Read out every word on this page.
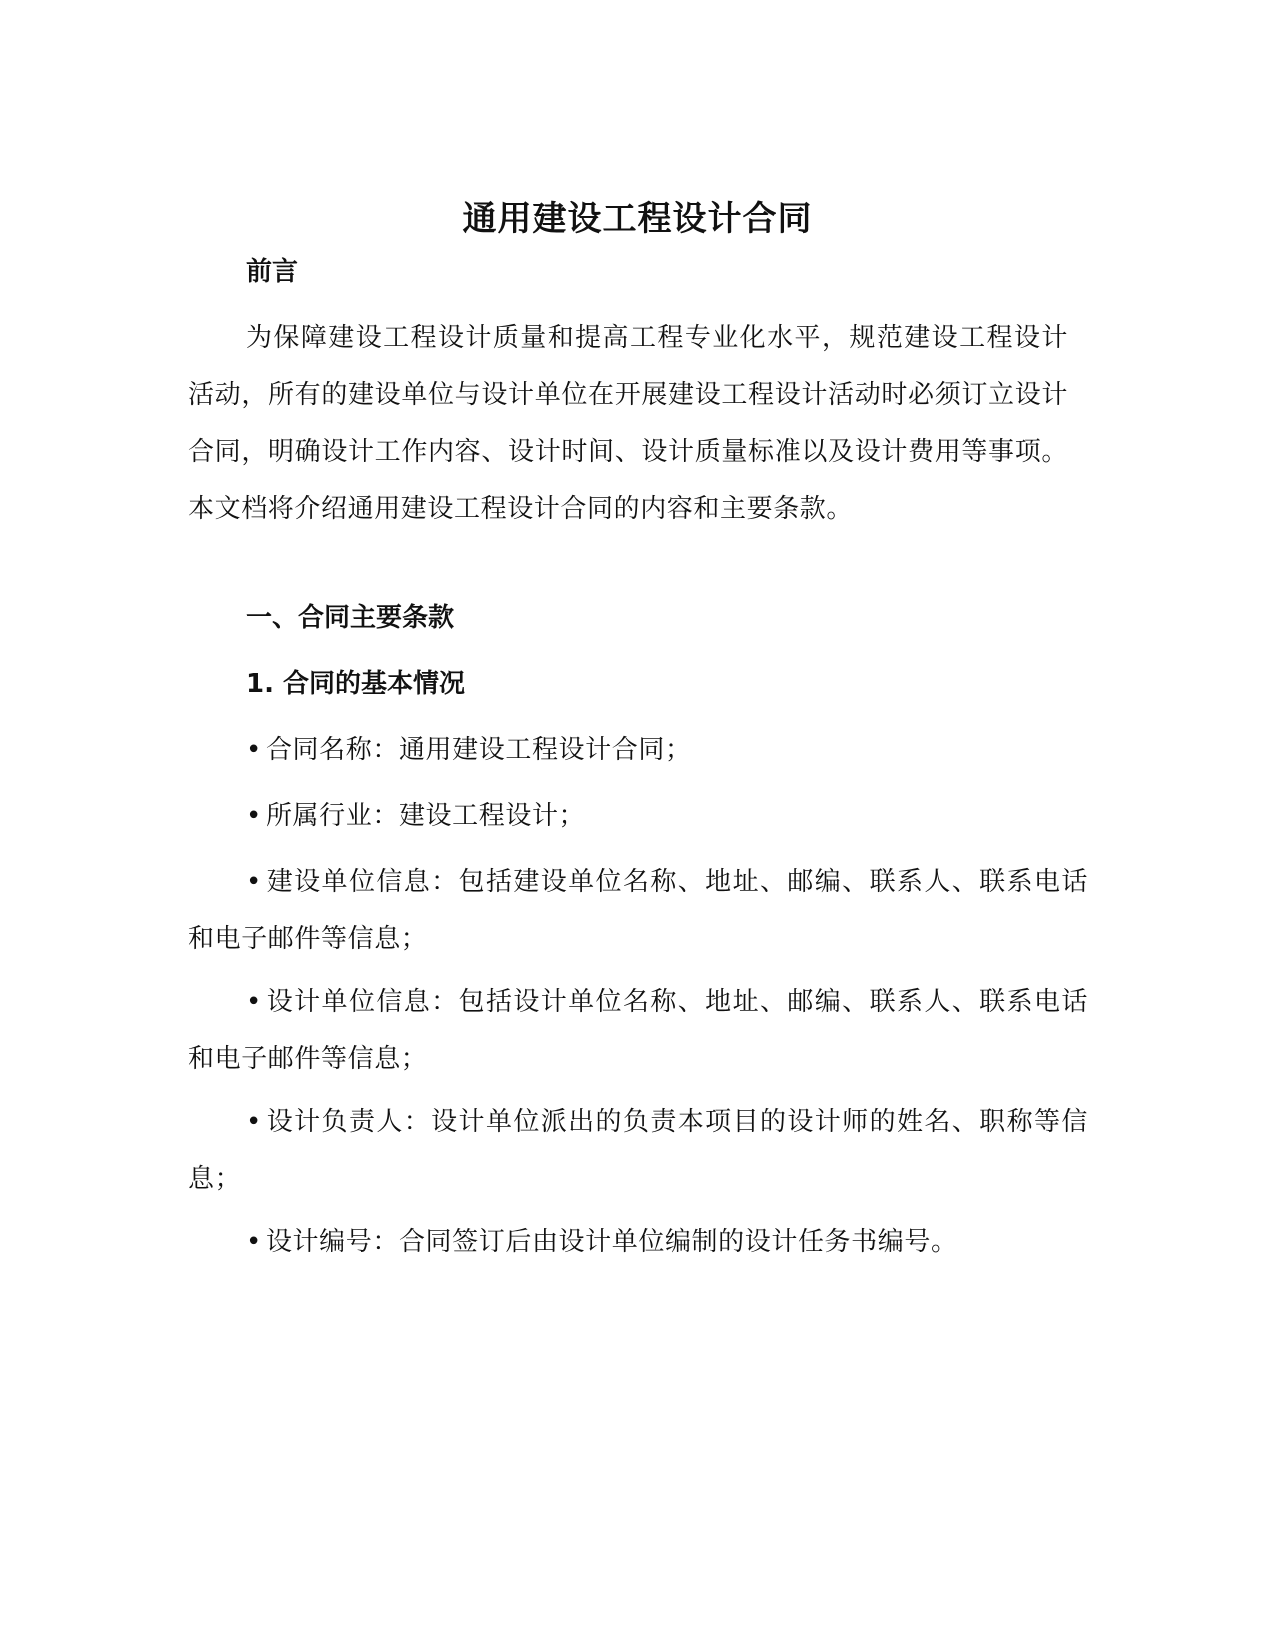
通用建设工程设计合同
前言
为保障建设工程设计质量和提高工程专业化水平，规范建设工程设计活动，所有的建设单位与设计单位在开展建设工程设计活动时必须订立设计合同，明确设计工作内容、设计时间、设计质量标准以及设计费用等事项。本文档将介绍通用建设工程设计合同的内容和主要条款。
一、合同主要条款
1. 合同的基本情况
• 合同名称：通用建设工程设计合同；
• 所属行业：建设工程设计；
• 建设单位信息：包括建设单位名称、地址、邮编、联系人、联系电话和电子邮件等信息；
• 设计单位信息：包括设计单位名称、地址、邮编、联系人、联系电话和电子邮件等信息；
• 设计负责人：设计单位派出的负责本项目的设计师的姓名、职称等信息；
• 设计编号：合同签订后由设计单位编制的设计任务书编号。
